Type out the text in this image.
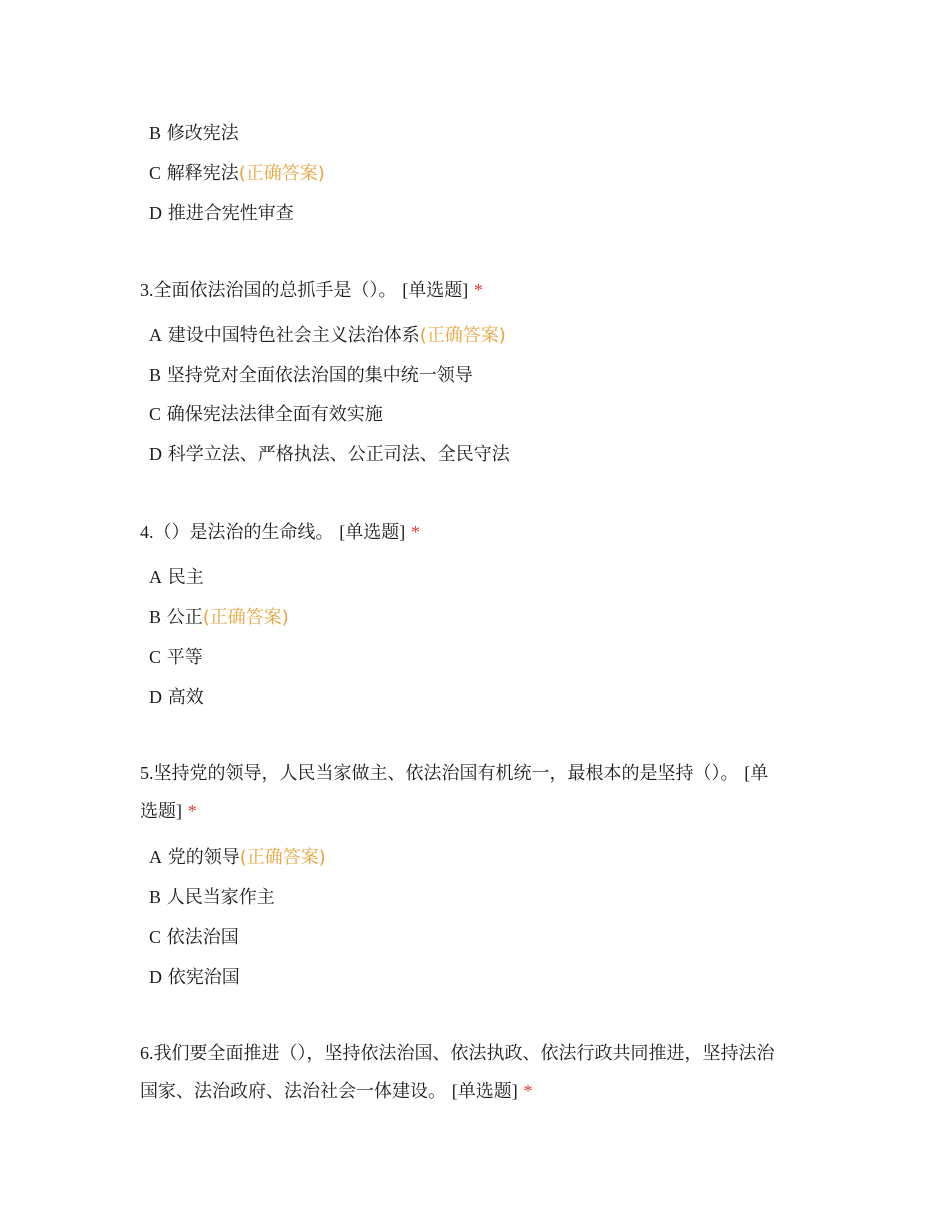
B 修改宪法
C 解释宪法(正确答案)
D 推进合宪性审查
3.全面依法治国的总抓手是（）。 [单选题] *
A 建设中国特色社会主义法治体系(正确答案)
B 坚持党对全面依法治国的集中统一领导
C 确保宪法法律全面有效实施
D 科学立法、严格执法、公正司法、全民守法
4.（）是法治的生命线。 [单选题] *
A 民主
B 公正(正确答案)
C 平等
D 高效
5.坚持党的领导，人民当家做主、依法治国有机统一，最根本的是坚持（）。 [单
选题] *
A 党的领导(正确答案)
B 人民当家作主
C 依法治国
D 依宪治国
6.我们要全面推进（），坚持依法治国、依法执政、依法行政共同推进，坚持法治
国家、法治政府、法治社会一体建设。 [单选题] *
